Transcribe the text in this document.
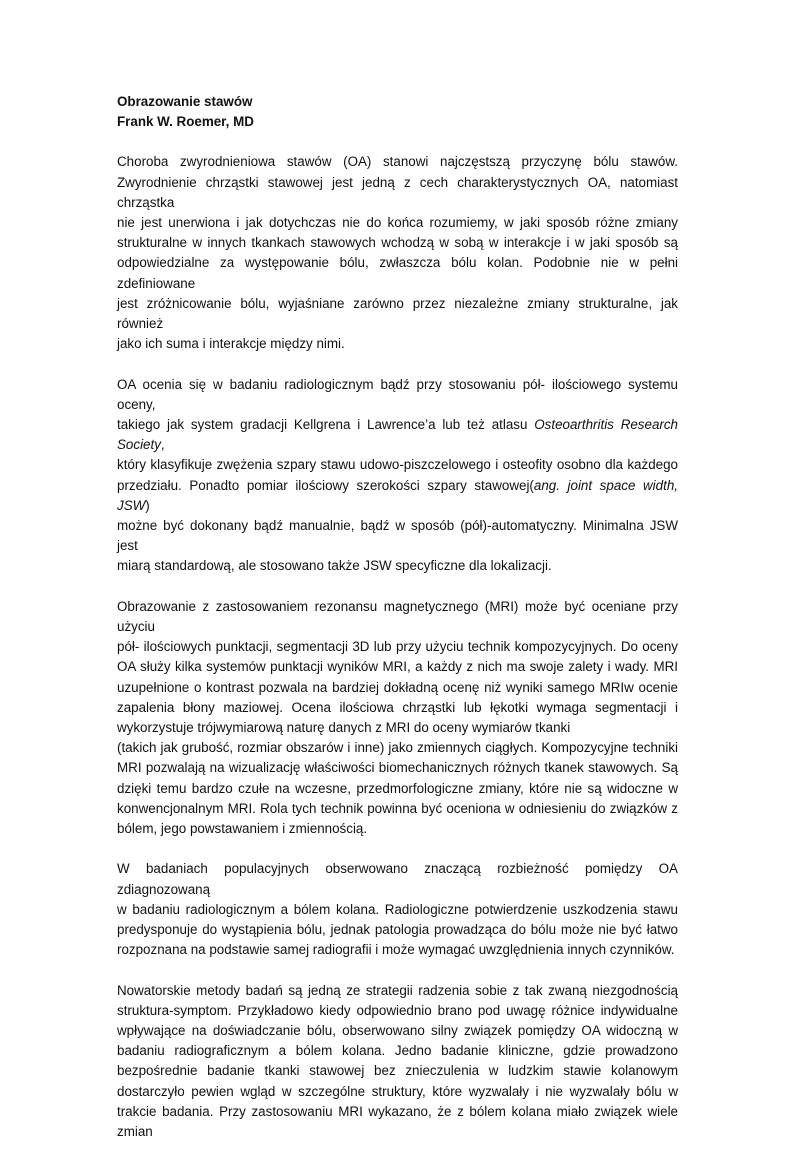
Obrazowanie stawów
Frank W. Roemer, MD
Choroba zwyrodnieniowa stawów (OA) stanowi najczęstszą przyczynę bólu stawów.
Zwyrodnienie chrząstki stawowej jest jedną z cech charakterystycznych OA, natomiast chrząstka
nie jest unerwiona i jak dotychczas nie do końca rozumiemy, w jaki sposób różne zmiany
strukturalne w innych tkankach stawowych wchodzą w sobą w interakcje i w jaki sposób są
odpowiedzialne za występowanie bólu, zwłaszcza bólu kolan. Podobnie nie w pełni zdefiniowane
jest zróżnicowanie bólu, wyjaśniane zarówno przez niezależne zmiany strukturalne, jak również
jako ich suma i interakcje między nimi.
OA ocenia się w badaniu radiologicznym bądź przy stosowaniu pół- ilościowego systemu oceny,
takiego jak system gradacji Kellgrena i Lawrence’a lub też atlasu Osteoarthritis Research Society,
który klasyfikuje zwężenia szpary stawu udowo-piszczelowego i osteofity osobno dla każdego
przedziału. Ponadto pomiar ilościowy szerokości szpary stawowej(ang. joint space width, JSW)
możne być dokonany bądź manualnie, bądź w sposób (pół)-automatyczny. Minimalna JSW jest
miarą standardową, ale stosowano także JSW specyficzne dla lokalizacji.
Obrazowanie z zastosowaniem rezonansu magnetycznego (MRI) może być oceniane przy użyciu
pół- ilościowych punktacji, segmentacji 3D lub przy użyciu technik kompozycyjnych. Do oceny
OA służy kilka systemów punktacji wyników MRI, a każdy z nich ma swoje zalety i wady. MRI
uzupełnione o kontrast pozwala na bardziej dokładną ocenę niż wyniki samego MRIw ocenie
zapalenia błony maziowej. Ocena ilościowa chrząstki lub łękotki wymaga segmentacji i
wykorzystuje trójwymiarową naturę danych z MRI do oceny wymiarów tkanki
(takich jak grubość, rozmiar obszarów i inne) jako zmiennych ciągłych. Kompozycyjne techniki
MRI pozwalają na wizualizację właściwości biomechanicznych różnych tkanek stawowych. Są
dzięki temu bardzo czułe na wczesne, przedmorfologiczne zmiany, które nie są widoczne w
konwencjonalnym MRI. Rola tych technik powinna być oceniona w odniesieniu do związków z
bólem, jego powstawaniem i zmiennością.
W badaniach populacyjnych obserwowano znaczącą rozbieżność pomiędzy OA zdiagnozowaną
w badaniu radiologicznym a bólem kolana. Radiologiczne potwierdzenie uszkodzenia stawu
predysponuje do wystąpienia bólu, jednak patologia prowadząca do bólu może nie być łatwo
rozpoznana na podstawie samej radiografii i może wymagać uwzględnienia innych czynników.
Nowatorskie metody badań są jedną ze strategii radzenia sobie z tak zwaną niezgodnością
struktura-symptom. Przykładowo kiedy odpowiednio brano pod uwagę różnice indywidualne
wpływające na doświadczanie bólu, obserwowano silny związek pomiędzy OA widoczną w
badaniu radiograficznym a bólem kolana. Jedno badanie kliniczne, gdzie prowadzono
bezpośrednie badanie tkanki stawowej bez znieczulenia w ludzkim stawie kolanowym
dostarczyło pewien wgląd w szczególne struktury, które wyzwalały i nie wyzwalały bólu w
trakcie badania. Przy zastosowaniu MRI wykazano, że z bólem kolana miało związek wiele zmian
